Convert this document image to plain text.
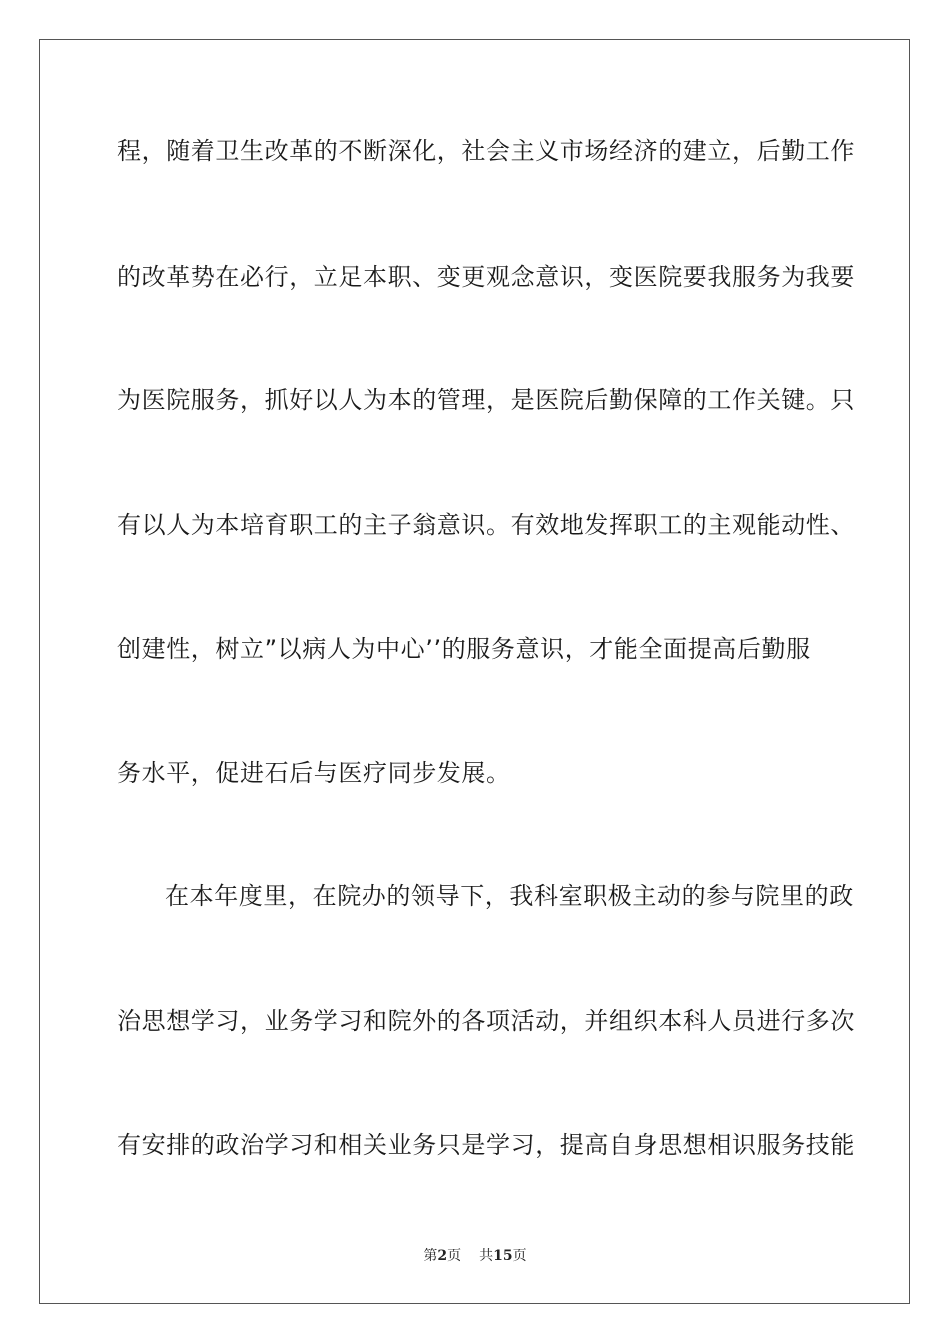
程，随着卫生改革的不断深化，社会主义市场经济的建立，后勤工作
的改革势在必行，立足本职、变更观念意识，变医院要我服务为我要
为医院服务，抓好以人为本的管理，是医院后勤保障的工作关键。只
有以人为本培育职工的主子翁意识。有效地发挥职工的主观能动性、
创建性，树立”以病人为中心’’的服务意识，才能全面提高后勤服
务水平，促进石后与医疗同步发展。
在本年度里，在院办的领导下，我科室职极主动的参与院里的政
治思想学习，业务学习和院外的各项活动，并组织本科人员进行多次
有安排的政治学习和相关业务只是学习，提高自身思想相识服务技能
第2页 共15页
